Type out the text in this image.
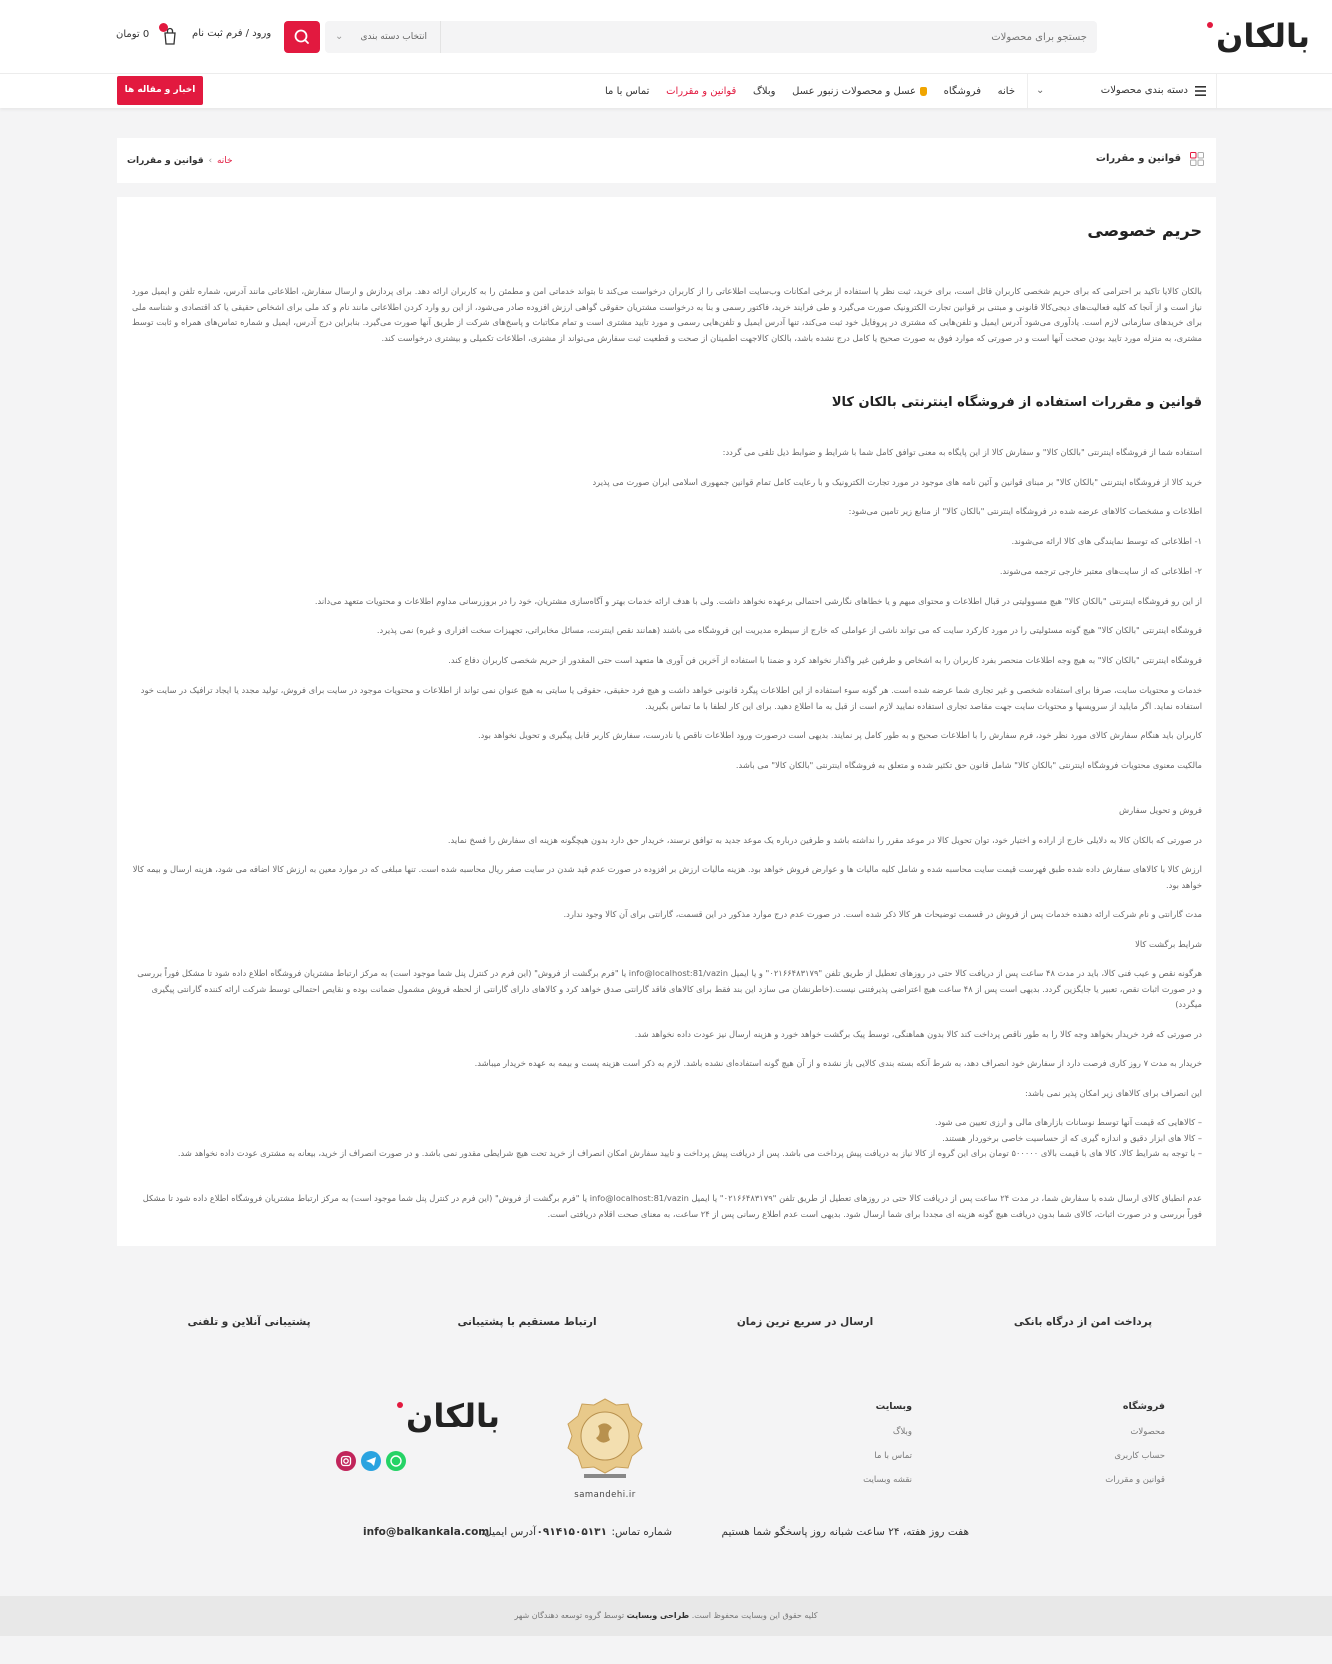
بالکان
جستجو برای محصولات
انتخاب دسته بندی
⌄
ورود / فرم ثبت نام
0 تومان
دسته بندی محصولات
⌄
خانه
فروشگاه
عسل و محصولات زنبور عسل
وبلاگ
قوانین و مقررات
تماس با ما
اخبار و مقاله ها
قوانین و مقررات
خانه › قوانین و مقررات
حریم خصوصی
بالکان کالایا تاکید بر احترامی که برای حریم شخصی کاربران قائل است، برای خرید، ثبت نظر یا استفاده از برخی امکانات وب‌سایت اطلاعاتی را از کاربران درخواست می‌کند تا بتواند خدماتی امن و مطمئن را به کاربران ارائه دهد. برای پردازش و ارسال سفارش، اطلاعاتی مانند آدرس، شماره تلفن و ایمیل مورد نیاز است و از آنجا که کلیه فعالیت‌های دیجی‌کالا قانونی و مبتنی بر قوانین تجارت الکترونیک صورت می‌گیرد و طی فرایند خرید، فاکتور رسمی و بنا به درخواست مشتریان حقوقی گواهی ارزش افزوده صادر می‌شود، از این رو وارد کردن اطلاعاتی مانند نام و کد ملی برای اشخاص حقیقی یا کد اقتصادی و شناسه ملی برای خریدهای سازمانی لازم است. یادآوری می‌شود آدرس ایمیل و تلفن‌هایی که مشتری در پروفایل خود ثبت می‌کند، تنها آدرس ایمیل و تلفن‌هایی رسمی و مورد تایید مشتری است و تمام مکاتبات و پاسخ‌های شرکت از طریق آنها صورت می‌گیرد. بنابراین درج آدرس، ایمیل و شماره تماس‌های همراه و ثابت توسط مشتری، به منزله مورد تایید بودن صحت آنها است و در صورتی که موارد فوق به صورت صحیح یا کامل درج نشده باشد، بالکان کالاجهت اطمینان از صحت و قطعیت ثبت سفارش می‌تواند از مشتری، اطلاعات تکمیلی و بیشتری درخواست کند.
قوانین و مقررات استفاده از فروشگاه اینترنتی بالکان کالا
استفاده شما از فروشگاه اینترنتی "بالکان کالا" و سفارش کالا از این پایگاه به معنی توافق کامل شما با شرایط و ضوابط ذیل تلقی می گردد:
خرید کالا از فروشگاه اینترنتی "بالکان کالا" بر مبنای قوانین و آئین نامه های موجود در مورد تجارت الکترونیک و با رعایت کامل تمام قوانین جمهوری اسلامی ایران صورت می پذیرد
اطلاعات و مشخصات کالاهای عرضه شده در فروشگاه اینترنتی "بالکان کالا" از منابع زیر تامین می‌شود:
۱- اطلاعاتی که توسط نمایندگی های کالا ارائه می‌شوند.
۲- اطلاعاتی که از سایت‌های معتبر خارجی ترجمه می‌شوند.
از این رو فروشگاه اینترنتی "بالکان کالا" هیچ مسوولیتی در قبال اطلاعات و محتوای مبهم و یا خطاهای نگارشی احتمالی برعهده نخواهد داشت. ولی با هدف ارائه خدمات بهتر و آگاه‌سازی مشتریان، خود را در بروزرسانی مداوم اطلاعات و محتویات متعهد می‌داند.
فروشگاه اینترنتی "بالکان کالا" هیچ گونه مسئولیتی را در مورد کارکرد سایت که می تواند ناشی از عواملی که خارج از سیطره مدیریت این فروشگاه می باشند (همانند نقص اینترنت، مسائل مخابراتی، تجهیزات سخت افزاری و غیره) نمی پذیرد.
فروشگاه اینترنتی "بالکان کالا" به هیچ وجه اطلاعات منحصر بفرد کاربران را به اشخاص و طرفین غیر واگذار نخواهد کرد و ضمنا با استفاده از آخرین فن آوری ها متعهد است حتی المقدور از حریم شخصی کاربران دفاع کند.
خدمات و محتویات سایت، صرفا برای استفاده شخصی و غیر تجاری شما عرضه شده است. هر گونه سوء استفاده از این اطلاعات پیگرد قانونی خواهد داشت و هیچ فرد حقیقی، حقوقی یا سایتی به هیچ عنوان نمی تواند از اطلاعات و محتویات موجود در سایت برای فروش، تولید مجدد یا ایجاد ترافیک در سایت خود استفاده نماید. اگر مایلید از سرویسها و محتویات سایت جهت مقاصد تجاری استفاده نمایید لازم است از قبل به ما اطلاع دهید. برای این کار لطفا با ما تماس بگیرید.
کاربران باید هنگام سفارش کالای مورد نظر خود، فرم سفارش را با اطلاعات صحیح و به طور کامل پر نمایند. بدیهی است درصورت ورود اطلاعات ناقص یا نادرست، سفارش کاربر قابل پیگیری و تحویل نخواهد بود.
مالکیت معنوی محتویات فروشگاه اینترنتی "بالکان کالا" شامل قانون حق تکثیر شده و متعلق به فروشگاه اینترنتی "بالکان کالا" می باشد.
فروش و تحویل سفارش
در صورتی که بالکان کالا به دلایلی خارج از اراده و اختیار خود، توان تحویل کالا در موعد مقرر را نداشته باشد و طرفین درباره یک موعد جدید به توافق نرسند، خریدار حق دارد بدون هیچگونه هزینه ای سفارش را فسخ نماید.
ارزش کالا با کالاهای سفارش داده شده طبق فهرست قیمت سایت محاسبه شده و شامل کلیه مالیات ها و عوارض فروش خواهد بود. هزینه مالیات ارزش بر افزوده در صورت عدم قید شدن در سایت صفر ریال محاسبه شده است. تنها مبلغی که در موارد معین به ارزش کالا اضافه می شود، هزینه ارسال و بیمه کالا خواهد بود.
مدت گارانتی و نام شرکت ارائه دهنده خدمات پس از فروش در قسمت توضیحات هر کالا ذکر شده است. در صورت عدم درج موارد مذکور در این قسمت، گارانتی برای آن کالا وجود ندارد.
شرایط برگشت کالا
هرگونه نقص و عیب فنی کالا، باید در مدت ۴۸ ساعت پس از دریافت کالا حتی در روزهای تعطیل از طریق تلفن "۰۲۱۶۶۴۸۳۱۷۹" و یا ایمیل info@localhost:81/vazin یا "فرم برگشت از فروش" (این فرم در کنترل پنل شما موجود است) به مرکز ارتباط مشتریان فروشگاه اطلاع داده شود تا مشکل فوراً بررسی و در صورت اثبات نقص، تعبیر یا جایگزین گردد. بدیهی است پس از ۴۸ ساعت هیچ اعتراضی پذیرفتنی نیست.(خاطرنشان می سازد این بند فقط برای کالاهای فاقد گارانتی صدق خواهد کرد و کالاهای دارای گارانتی از لحظه فروش مشمول ضمانت بوده و نقایص احتمالی توسط شرکت ارائه کننده گارانتی پیگیری میگردد)
در صورتی که فرد خریدار بخواهد وجه کالا را به طور ناقص پرداخت کند کالا بدون هماهنگی، توسط پیک برگشت خواهد خورد و هزینه ارسال نیز عودت داده نخواهد شد.
خریدار به مدت ۷ روز کاری فرصت دارد از سفارش خود انصراف دهد، به شرط آنکه بسته بندی کالایی باز نشده و از آن هیچ گونه استفاده‌ای نشده باشد. لازم به ذکر است هزینه پست و بیمه به عهده خریدار میباشد.
این انصراف برای کالاهای زیر امکان پذیر نمی باشد:
– کالاهایی که قیمت آنها توسط نوسانات بازارهای مالی و ارزی تعیین می شود.
– کالا های ابزار دقیق و اندازه گیری که از حساسیت خاصی برخوردار هستند.
– با توجه به شرایط کالا، کالا های با قیمت بالای ۵۰۰۰۰۰ تومان برای این گروه از کالا نیاز به دریافت پیش پرداخت می باشد. پس از دریافت پیش پرداخت و تایید سفارش امکان انصراف از خرید تحت هیچ شرایطی مقدور نمی باشد. و در صورت انصراف از خرید، بیعانه به مشتری عودت داده نخواهد شد.
عدم انطباق کالای ارسال شده با سفارش شما، در مدت ۲۴ ساعت پس از دریافت کالا حتی در روزهای تعطیل از طریق تلفن "۰۲۱۶۶۴۸۳۱۷۹" یا ایمیل info@localhost:81/vazin یا "فرم برگشت از فروش" (این فرم در کنترل پنل شما موجود است) به مرکز ارتباط مشتریان فروشگاه اطلاع داده شود تا مشکل فوراً بررسی و در صورت اثبات، کالای شما بدون دریافت هیچ گونه هزینه ای مجددا برای شما ارسال شود. بدیهی است عدم اطلاع رسانی پس از ۲۴ ساعت، به معنای صحت اقلام دریافتی است.
پرداخت امن از درگاه بانکی
ارسال در سریع ترین زمان
ارتباط مستقیم با پشتیبانی
پشتیبانی آنلاین و تلفنی
فروشگاه
محصولات
حساب کاربری
قوانین و مقررات
وبسایت
وبلاگ
تماس با ما
نقشه وبسایت
samandehi.ir
بالکان
هفت روز هفته، ۲۴ ساعت شبانه روز پاسخگو شما هستیم
شماره تماس:
۰۹۱۴۱۵۰۵۱۳۱
آدرس ایمیل:
info@balkankala.com
کلیه حقوق این وبسایت محفوظ است. طراحی وبسایت توسط گروه توسعه دهندگان شهر
